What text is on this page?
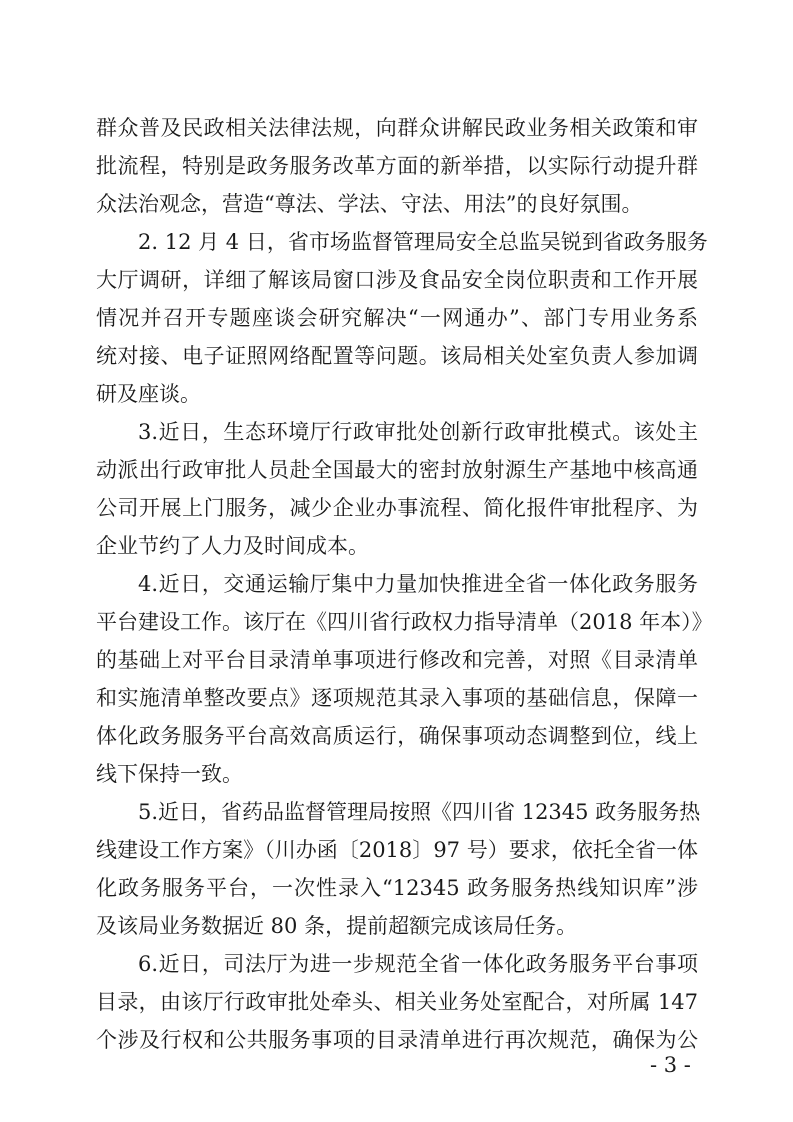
群众普及民政相关法律法规，向群众讲解民政业务相关政策和审
批流程，特别是政务服务改革方面的新举措，以实际行动提升群
众法治观念，营造“尊法、学法、守法、用法”的良好氛围。
2. 12 月 4 日，省市场监督管理局安全总监吴锐到省政务服务
大厅调研，详细了解该局窗口涉及食品安全岗位职责和工作开展
情况并召开专题座谈会研究解决“一网通办”、部门专用业务系
统对接、电子证照网络配置等问题。该局相关处室负责人参加调
研及座谈。
3.近日，生态环境厅行政审批处创新行政审批模式。该处主
动派出行政审批人员赴全国最大的密封放射源生产基地中核高通
公司开展上门服务，减少企业办事流程、简化报件审批程序、为
企业节约了人力及时间成本。
4.近日，交通运输厅集中力量加快推进全省一体化政务服务
平台建设工作。该厅在《四川省行政权力指导清单（2018 年本）》
的基础上对平台目录清单事项进行修改和完善，对照《目录清单
和实施清单整改要点》逐项规范其录入事项的基础信息，保障一
体化政务服务平台高效高质运行，确保事项动态调整到位，线上
线下保持一致。
5.近日，省药品监督管理局按照《四川省 12345 政务服务热
线建设工作方案》（川办函〔2018〕97 号）要求，依托全省一体
化政务服务平台，一次性录入“12345 政务服务热线知识库”涉
及该局业务数据近 80 条，提前超额完成该局任务。
6.近日，司法厅为进一步规范全省一体化政务服务平台事项
目录，由该厅行政审批处牵头、相关业务处室配合，对所属 147
个涉及行权和公共服务事项的目录清单进行再次规范，确保为公
- 3 -
